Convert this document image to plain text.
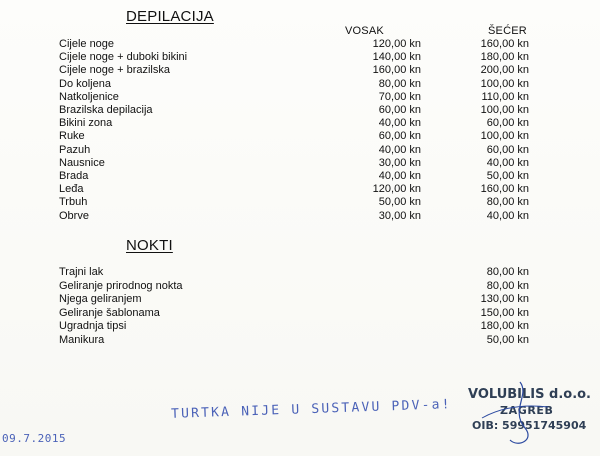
DEPILACIJA
VOSAK	ŠEĆER
Cijele noge	120,00 kn	160,00 kn
Cijele noge + duboki bikini	140,00 kn	180,00 kn
Cijele noge + brazilska	160,00 kn	200,00 kn
Do koljena	80,00 kn	100,00 kn
Natkoljenice	70,00 kn	110,00 kn
Brazilska depilacija	60,00 kn	100,00 kn
Bikini zona	40,00 kn	60,00 kn
Ruke	60,00 kn	100,00 kn
Pazuh	40,00 kn	60,00 kn
Nausnice	30,00 kn	40,00 kn
Brada	40,00 kn	50,00 kn
Leđa	120,00 kn	160,00 kn
Trbuh	50,00 kn	80,00 kn
Obrve	30,00 kn	40,00 kn
NOKTI
Trajni lak	80,00 kn
Geliranje prirodnog nokta	80,00 kn
Njega geliranjem	130,00 kn
Geliranje šablonama	150,00 kn
Ugradnja tipsi	180,00 kn
Manikura	50,00 kn
TURTKA NIJE U SUSTAVU PDV-a!
09.7.2015
VOLUBILIS d.o.o.
ZAGREB
OIB: 59951745904
